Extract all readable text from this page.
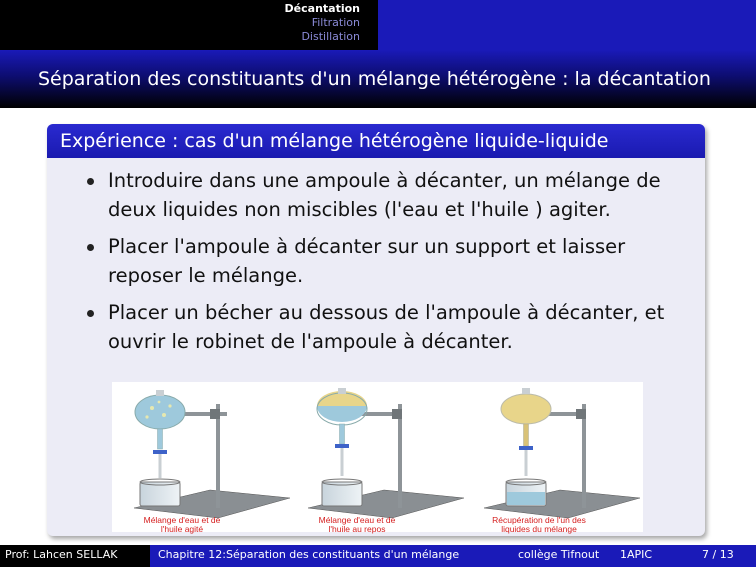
Décantation
Filtration
Distillation
Séparation des constituants d'un mélange hétérogène : la décantation
Expérience : cas d'un mélange hétérogène liquide-liquide
Introduire dans une ampoule à décanter, un mélange de deux liquides non miscibles (l'eau et l'huile ) agiter.
Placer l'ampoule à décanter sur un support et laisser reposer le mélange.
Placer un bécher au dessous de l'ampoule à décanter, et ouvrir le robinet de l'ampoule à décanter.
Mélange d'eau et de
l'huile agité
Mélange d'eau et de
l'huile au repos
Récupération de l'un des
liquides du mélange
Prof: Lahcen SELLAK	Chapitre 12:Séparation des constituants d'un mélange	collège Tifnout 1APIC	7 / 13
